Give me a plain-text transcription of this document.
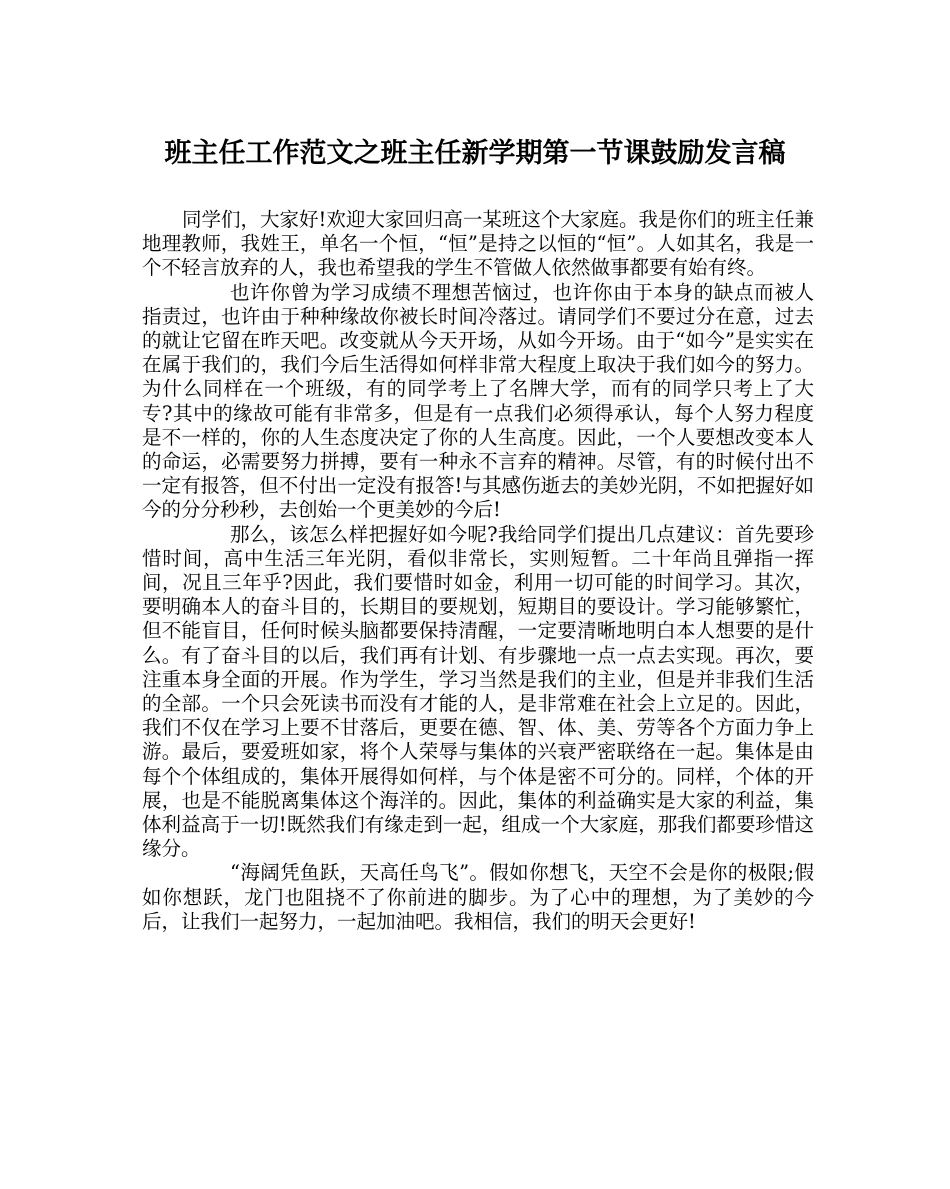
班主任工作范文之班主任新学期第一节课鼓励发言稿

同学们，大家好!欢迎大家回归高一某班这个大家庭。我是你们的班主任兼地理教师，我姓王，单名一个恒，“恒”是持之以恒的“恒”。人如其名，我是一个不轻言放弃的人，我也希望我的学生不管做人依然做事都要有始有终。

也许你曾为学习成绩不理想苦恼过，也许你由于本身的缺点而被人指责过，也许由于种种缘故你被长时间冷落过。请同学们不要过分在意，过去的就让它留在昨天吧。改变就从今天开场，从如今开场。由于“如今”是实实在在属于我们的，我们今后生活得如何样非常大程度上取决于我们如今的努力。为什么同样在一个班级，有的同学考上了名牌大学，而有的同学只考上了大专?其中的缘故可能有非常多，但是有一点我们必须得承认，每个人努力程度是不一样的，你的人生态度决定了你的人生高度。因此，一个人要想改变本人的命运，必需要努力拼搏，要有一种永不言弃的精神。尽管，有的时候付出不一定有报答，但不付出一定没有报答!与其感伤逝去的美妙光阴，不如把握好如今的分分秒秒，去创始一个更美妙的今后!

那么，该怎么样把握好如今呢?我给同学们提出几点建议：首先要珍惜时间，高中生活三年光阴，看似非常长，实则短暂。二十年尚且弹指一挥间，况且三年乎?因此，我们要惜时如金，利用一切可能的时间学习。其次，要明确本人的奋斗目的，长期目的要规划，短期目的要设计。学习能够繁忙，但不能盲目，任何时候头脑都要保持清醒，一定要清晰地明白本人想要的是什么。有了奋斗目的以后，我们再有计划、有步骤地一点一点去实现。再次，要注重本身全面的开展。作为学生，学习当然是我们的主业，但是并非我们生活的全部。一个只会死读书而没有才能的人，是非常难在社会上立足的。因此，我们不仅在学习上要不甘落后，更要在德、智、体、美、劳等各个方面力争上游。最后，要爱班如家，将个人荣辱与集体的兴衰严密联络在一起。集体是由每个个体组成的，集体开展得如何样，与个体是密不可分的。同样，个体的开展，也是不能脱离集体这个海洋的。因此，集体的利益确实是大家的利益，集体利益高于一切!既然我们有缘走到一起，组成一个大家庭，那我们都要珍惜这缘分。

“海阔凭鱼跃，天高任鸟飞”。假如你想飞，天空不会是你的极限;假如你想跃，龙门也阻挠不了你前进的脚步。为了心中的理想，为了美妙的今后，让我们一起努力，一起加油吧。我相信，我们的明天会更好!
